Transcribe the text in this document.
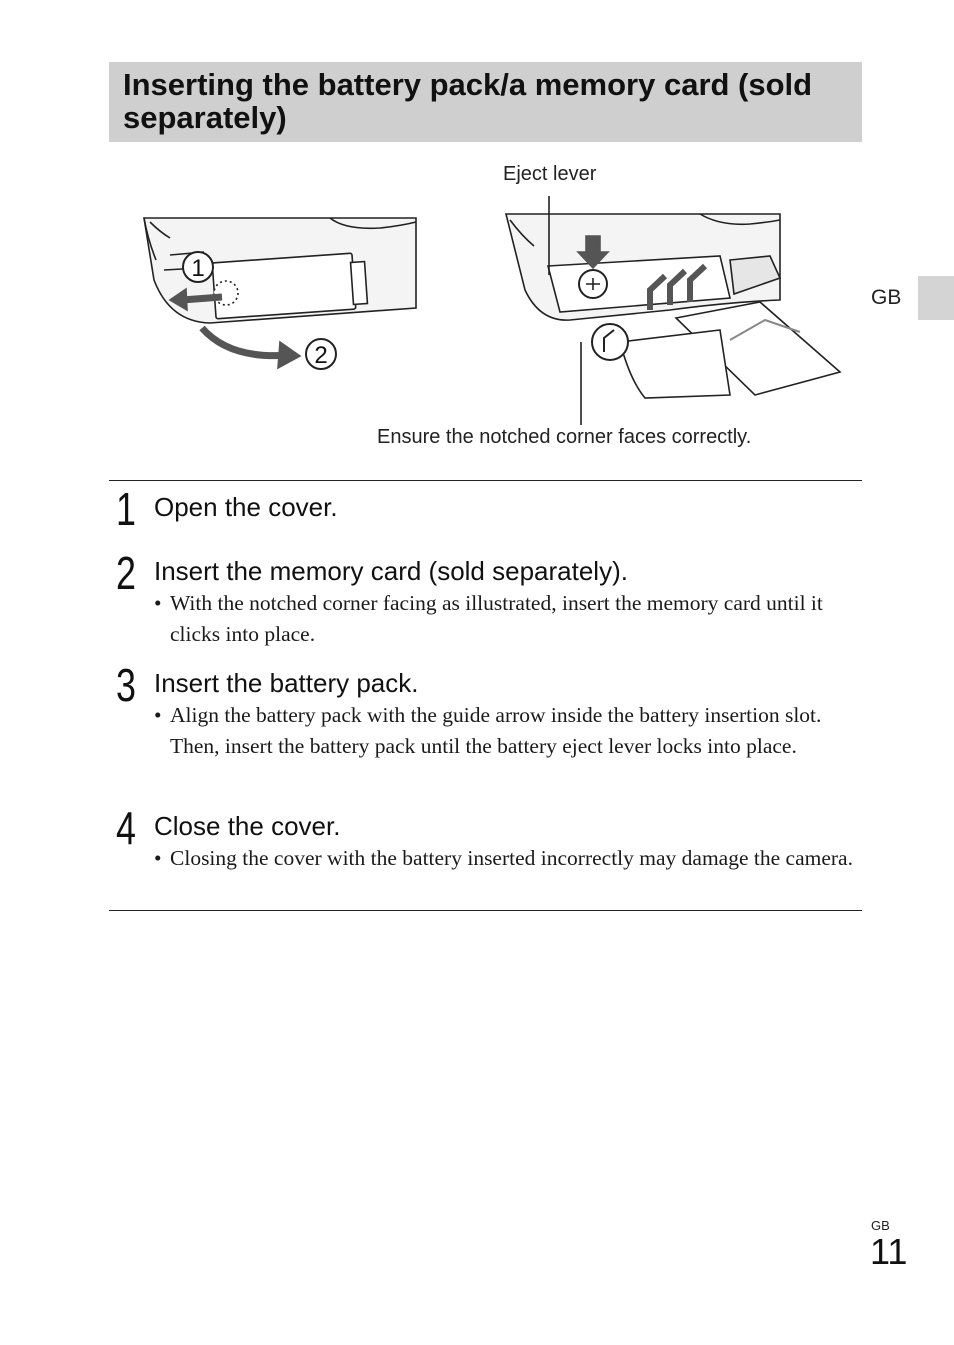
Inserting the battery pack/a memory card (sold separately)
GB
1
2
Eject lever
Ensure the notched corner faces correctly.
1 Open the cover.
2 Insert the memory card (sold separately).
• With the notched corner facing as illustrated, insert the memory card until it clicks into place.
3 Insert the battery pack.
• Align the battery pack with the guide arrow inside the battery insertion slot. Then, insert the battery pack until the battery eject lever locks into place.
4 Close the cover.
• Closing the cover with the battery inserted incorrectly may damage the camera.
GB
11
